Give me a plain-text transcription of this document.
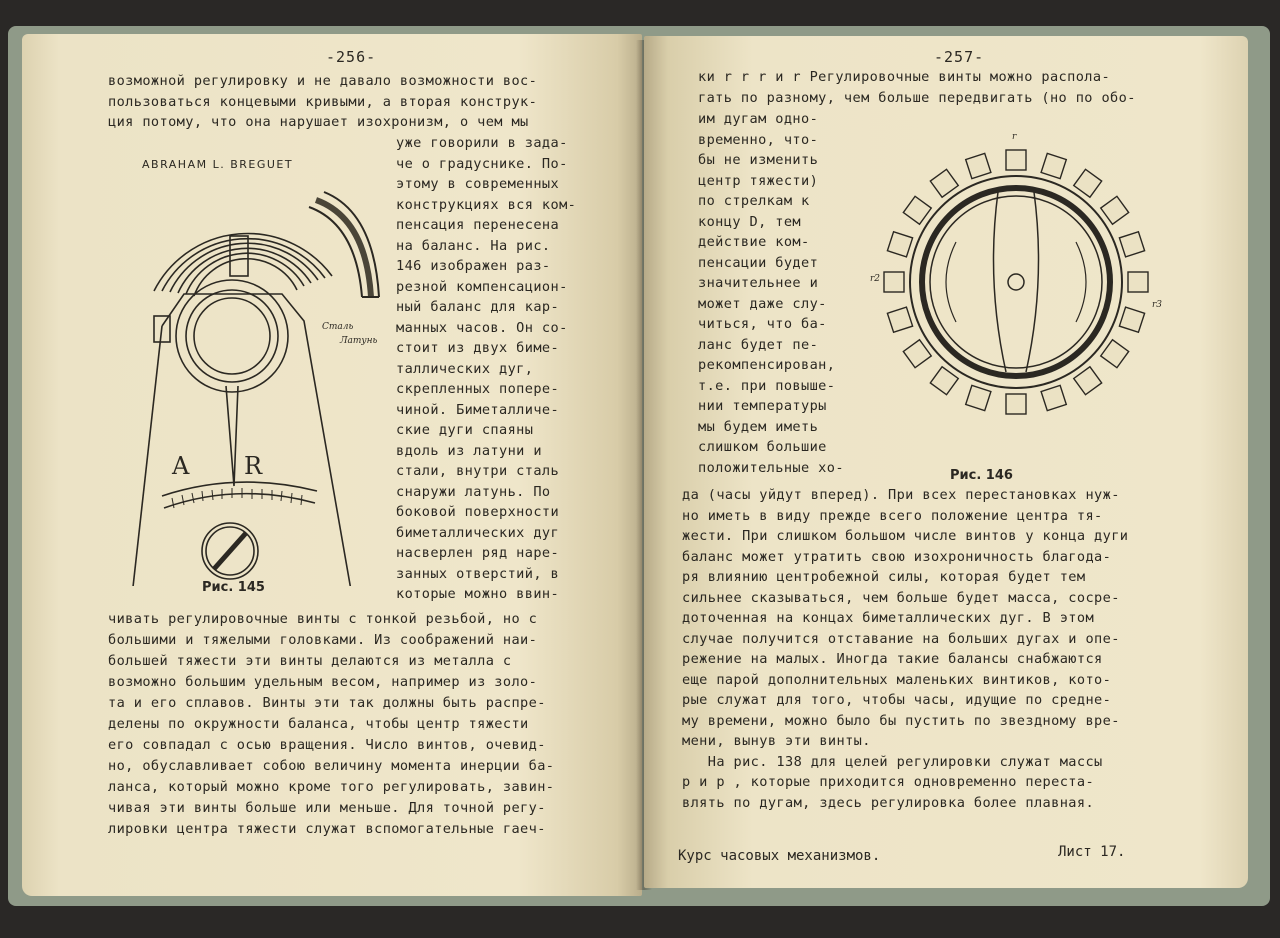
-256-
возможной регулировку и не давало возможности вос-
пользоваться концевыми кривыми, а вторая конструк-
ция потому, что она нарушает изохронизм, о чем мы
уже говорили в зада-
че о градуснике. По-
этому в современных
конструкциях вся ком-
пенсация перенесена
на баланс. На рис.
146 изображен раз-
резной компенсацион-
ный баланс для кар-
манных часов. Он со-
стоит из двух биме-
таллических дуг,
скрепленных попере-
чиной. Биметалличе-
ские дуги спаяны
вдоль из латуни и
стали, внутри сталь
снаружи латунь. По
боковой поверхности
биметаллических дуг
насверлен ряд наре-
занных отверстий, в
которые можно ввин-
чивать регулировочные винты с тонкой резьбой, но с
большими и тяжелыми головками. Из соображений наи-
большей тяжести эти винты делаются из металла с
возможно большим удельным весом, например из золо-
та и его сплавов. Винты эти так должны быть распре-
делены по окружности баланса, чтобы центр тяжести
его совпадал с осью вращения. Число винтов, очевид-
но, обуславливает собою величину момента инерции ба-
ланса, который можно кроме того регулировать, завин-
чивая эти винты больше или меньше. Для точной регу-
лировки центра тяжести служат вспомогательные гаеч-
ABRAHAM L. BREGUET
Сталь
Латунь
A R
Рис. 145
-257-
ки r r r и r Регулировочные винты можно распола-
гать по разному, чем больше передвигать (но по обо-
им дугам одно-
временно, что-
бы не изменить
центр тяжести)
по стрелкам к
концу D, тем
действие ком-
пенсации будет
значительнее и
может даже слу-
читься, что ба-
ланс будет пе-
рекомпенсирован,
т.е. при повыше-
нии температуры
мы будем иметь
слишком большие
положительные хо-
да (часы уйдут вперед). При всех перестановках нуж-
но иметь в виду прежде всего положение центра тя-
жести. При слишком большом числе винтов у конца дуги
баланс может утратить свою изохроничность благода-
ря влиянию центробежной силы, которая будет тем
сильнее сказываться, чем больше будет масса, сосре-
доточенная на концах биметаллических дуг. В этом
случае получится отставание на больших дугах и опе-
режение на малых. Иногда такие балансы снабжаются
еще парой дополнительных маленьких винтиков, кото-
рые служат для того, чтобы часы, идущие по средне-
му времени, можно было бы пустить по звездному вре-
мени, вынув эти винты.
На рис. 138 для целей регулировки служат массы
p и p , которые приходится одновременно переста-
влять по дугам, здесь регулировка более плавная.
Рис. 146
r2
r
r3
Курс часовых механизмов.	Лист 17.
